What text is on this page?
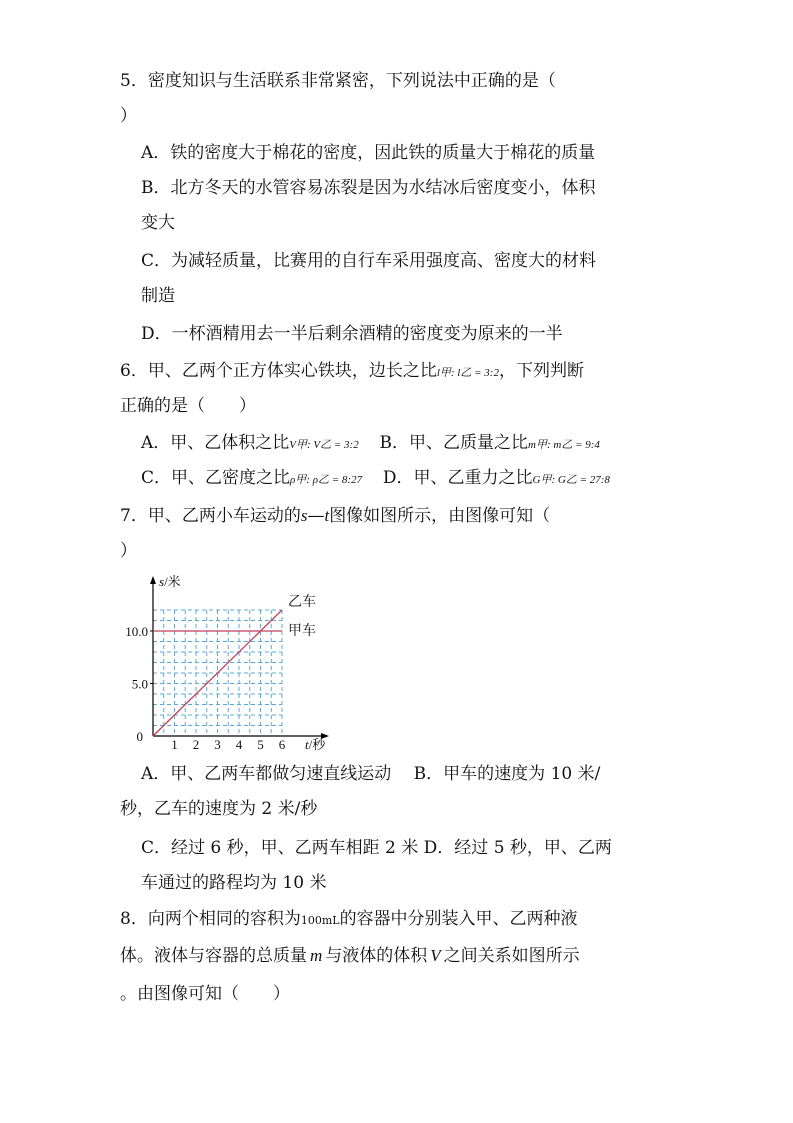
5．密度知识与生活联系非常紧密，下列说法中正确的是（
）
A．铁的密度大于棉花的密度，因此铁的质量大于棉花的质量
B．北方冬天的水管容易冻裂是因为水结冰后密度变小，体积
变大
C．为减轻质量，比赛用的自行车采用强度高、密度大的材料
制造
D．一杯酒精用去一半后剩余酒精的密度变为原来的一半
6．甲、乙两个正方体实心铁块，边长之比l甲: l乙 = 3:2，下列判断
正确的是（　　）
A．甲、乙体积之比V甲: V乙 = 3:2 B．甲、乙质量之比m甲: m乙 = 9:4
C．甲、乙密度之比ρ甲: ρ乙 = 8:27 D．甲、乙重力之比G甲: G乙 = 27:8
7．甲、乙两小车运动的s—t图像如图所示，由图像可知（
）
乙车
甲车
1 2 3 4 5 6
5.0
10.0
0
s/米
t/秒
A．甲、乙两车都做匀速直线运动　 B．甲车的速度为 10 米/
秒，乙车的速度为 2 米/秒
C．经过 6 秒，甲、乙两车相距 2 米 D．经过 5 秒，甲、乙两
车通过的路程均为 10 米
8．向两个相同的容积为100mL的容器中分别装入甲、乙两种液
体。液体与容器的总质量 m 与液体的体积 V 之间关系如图所示
。由图像可知（　　）
